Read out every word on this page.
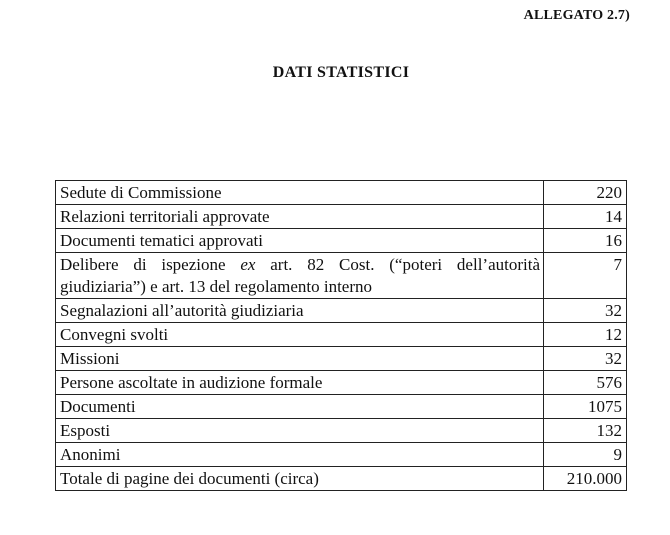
ALLEGATO 2.7)
DATI STATISTICI
Sedute di Commissione	220
Relazioni territoriali approvate	14
Documenti tematici approvati	16
Delibere di ispezione ex art. 82 Cost. (“poteri dell’autorità giudiziaria”) e art. 13 del regolamento interno	7
Segnalazioni all’autorità giudiziaria	32
Convegni svolti	12
Missioni	32
Persone ascoltate in audizione formale	576
Documenti	1075
Esposti	132
Anonimi	9
Totale di pagine dei documenti (circa)	210.000
